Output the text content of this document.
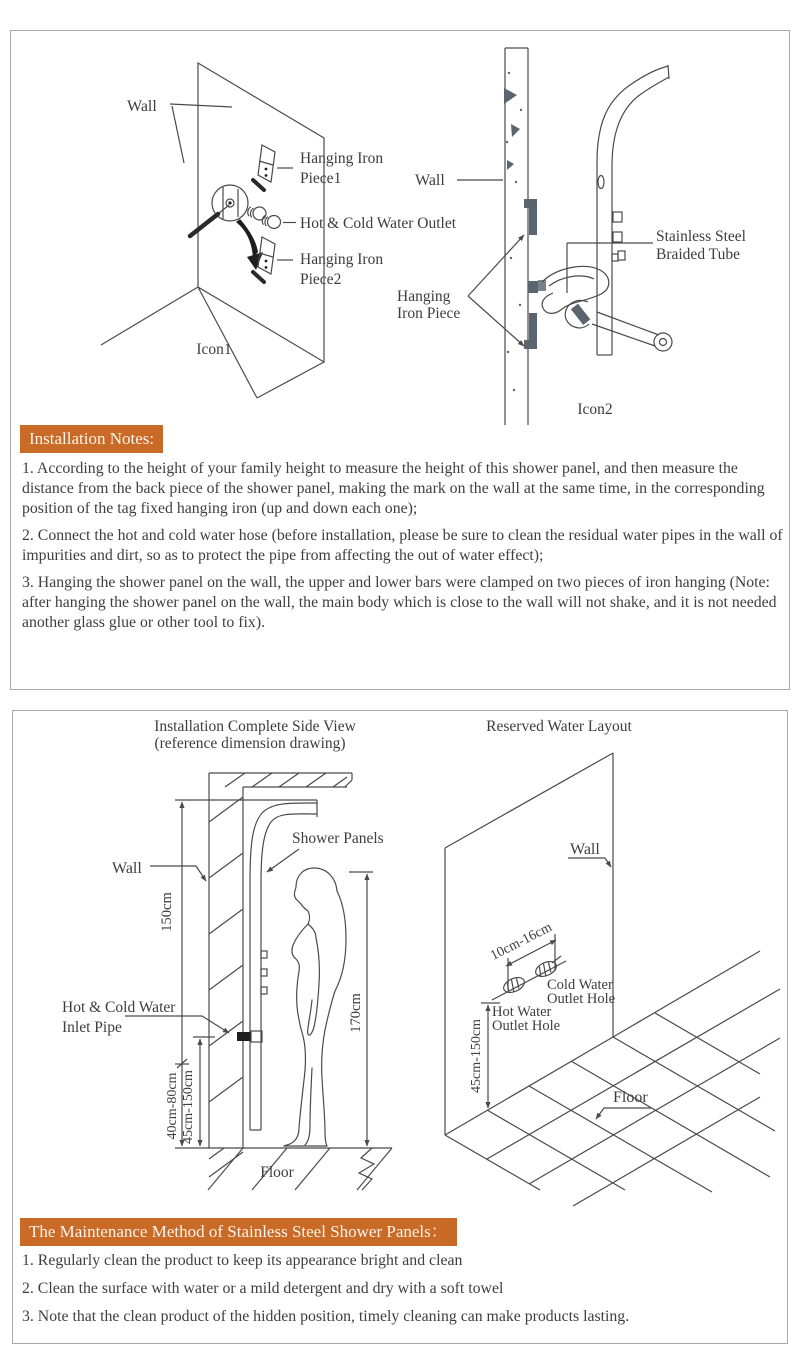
Hanging Iron
Piece1
Hot & Cold Water Outlet
Hanging Iron
Piece2
Wall
Icon1
Wall
Hanging
Iron Piece
Stainless Steel
Braided Tube
Icon2
Installation Complete Side View
(reference dimension drawing)
Wall
150cm
40cm-80cm 45cm-150cm
Floor
Shower Panels
Hot & Cold Water
Inlet Pipe	170cm
Reserved Water Layout
Wall
10cm-16cm
Cold Water
Outlet Hole
Hot Water
Outlet Hole
45cm-150cm
Floor
Installation Notes:

1. According to the height of your family height to measure the height of this shower panel, and then measure the distance from the back piece of the shower panel, making the mark on the wall at the same time, in the corresponding position of the tag fixed hanging iron (up and down each one);

2. Connect the hot and cold water hose (before installation, please be sure to clean the residual water pipes in the wall of impurities and dirt, so as to protect the pipe from affecting the out of water effect);

3. Hanging the shower panel on the wall, the upper and lower bars were clamped on two pieces of iron hanging (Note: after hanging the shower panel on the wall, the main body which is close to the wall will not shake, and it is not needed another glass glue or other tool to fix).

The Maintenance Method of Stainless Steel Shower Panels：

1. Regularly clean the product to keep its appearance bright and clean

2. Clean the surface with water or a mild detergent and dry with a soft towel

3. Note that the clean product of the hidden position, timely cleaning can make products lasting.
